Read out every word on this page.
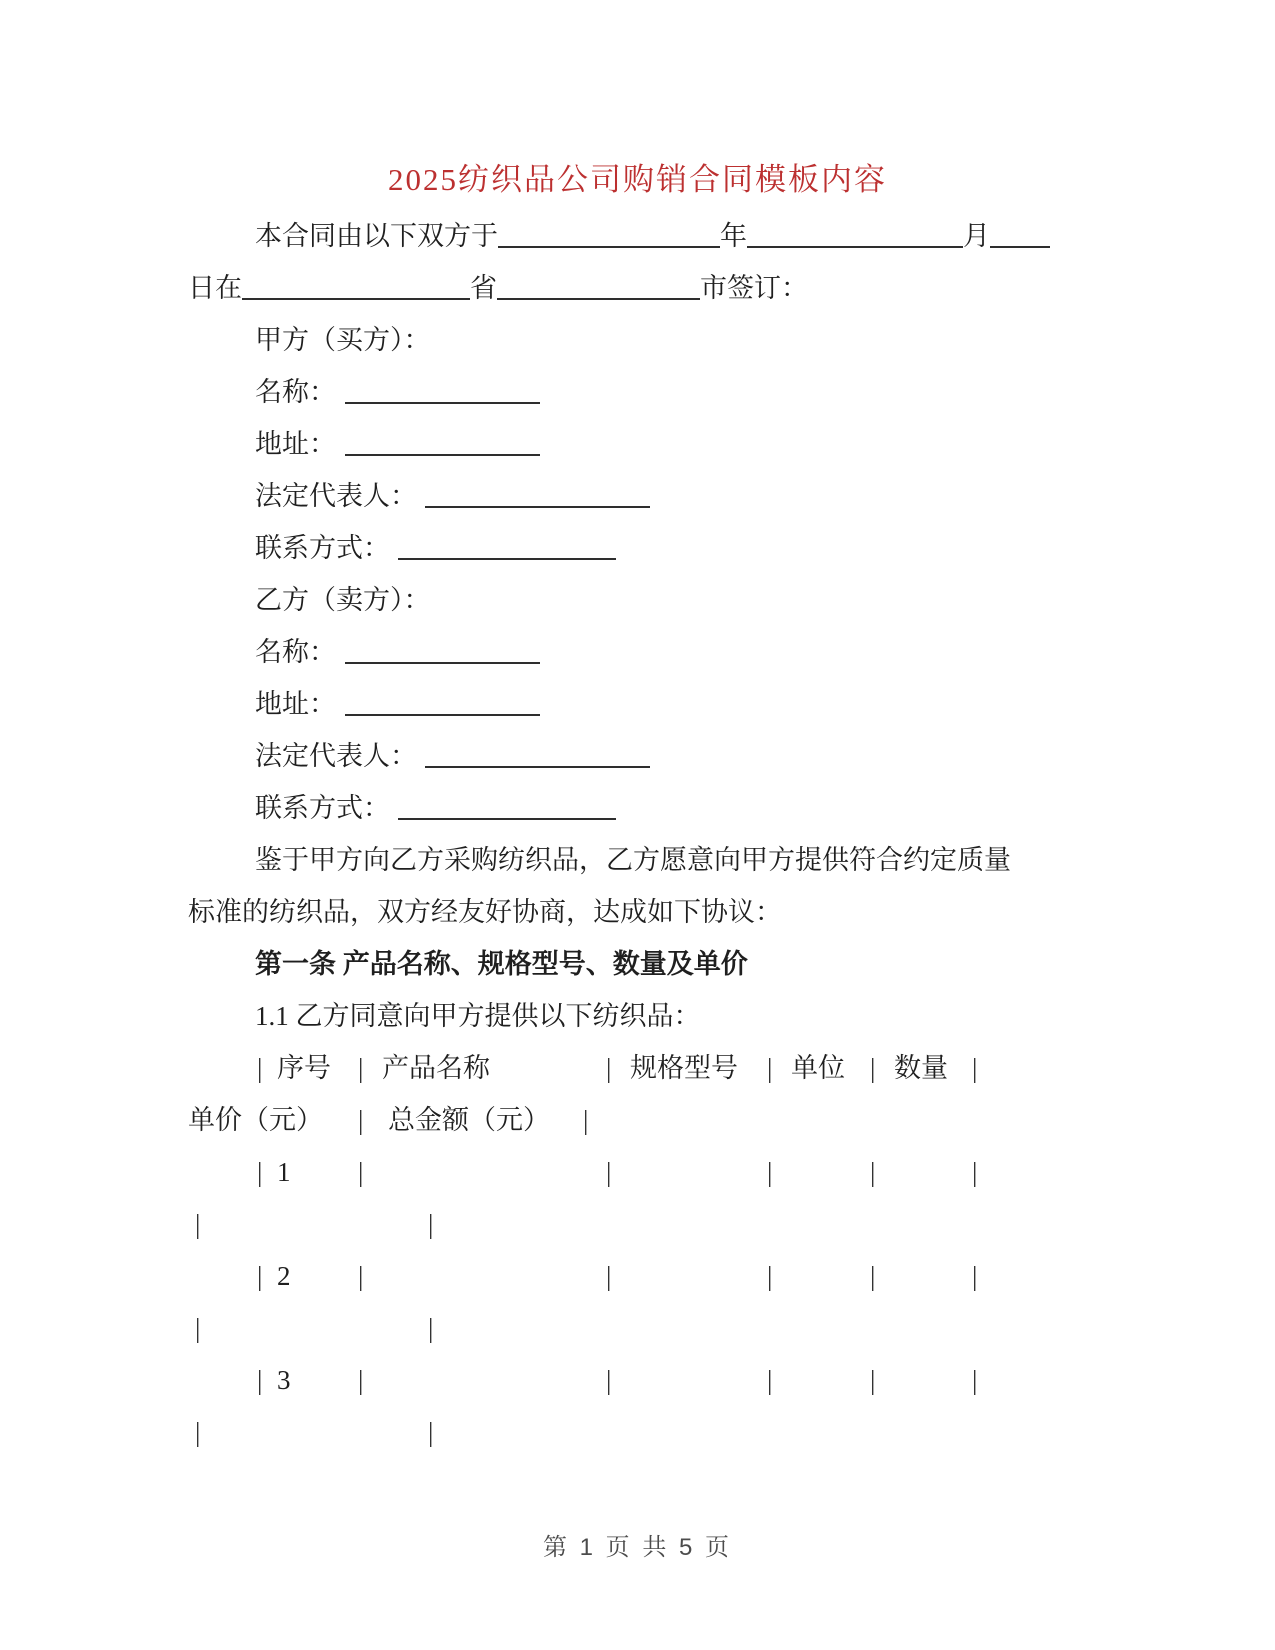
2025纺织品公司购销合同模板内容
本合同由以下双方于	年	月
日在	省	市签订：
甲方（买方）：
名称：
地址：
法定代表人：
联系方式：
乙方（卖方）：
名称：
地址：
法定代表人：
联系方式：
鉴于甲方向乙方采购纺织品，乙方愿意向甲方提供符合约定质量
标准的纺织品，双方经友好协商，达成如下协议：
第一条 产品名称、规格型号、数量及单价
1.1 乙方同意向甲方提供以下纺织品：
| 序号 | 产品名称	| 规格型号 | 单位 | 数量 |
单价（元） | 总金额（元） |
| 1	|	|	|	|	|
|	|
| 2	|	|	|	|	|
|	|
| 3	|	|	|	|	|
|	|
第 1 页 共 5 页
